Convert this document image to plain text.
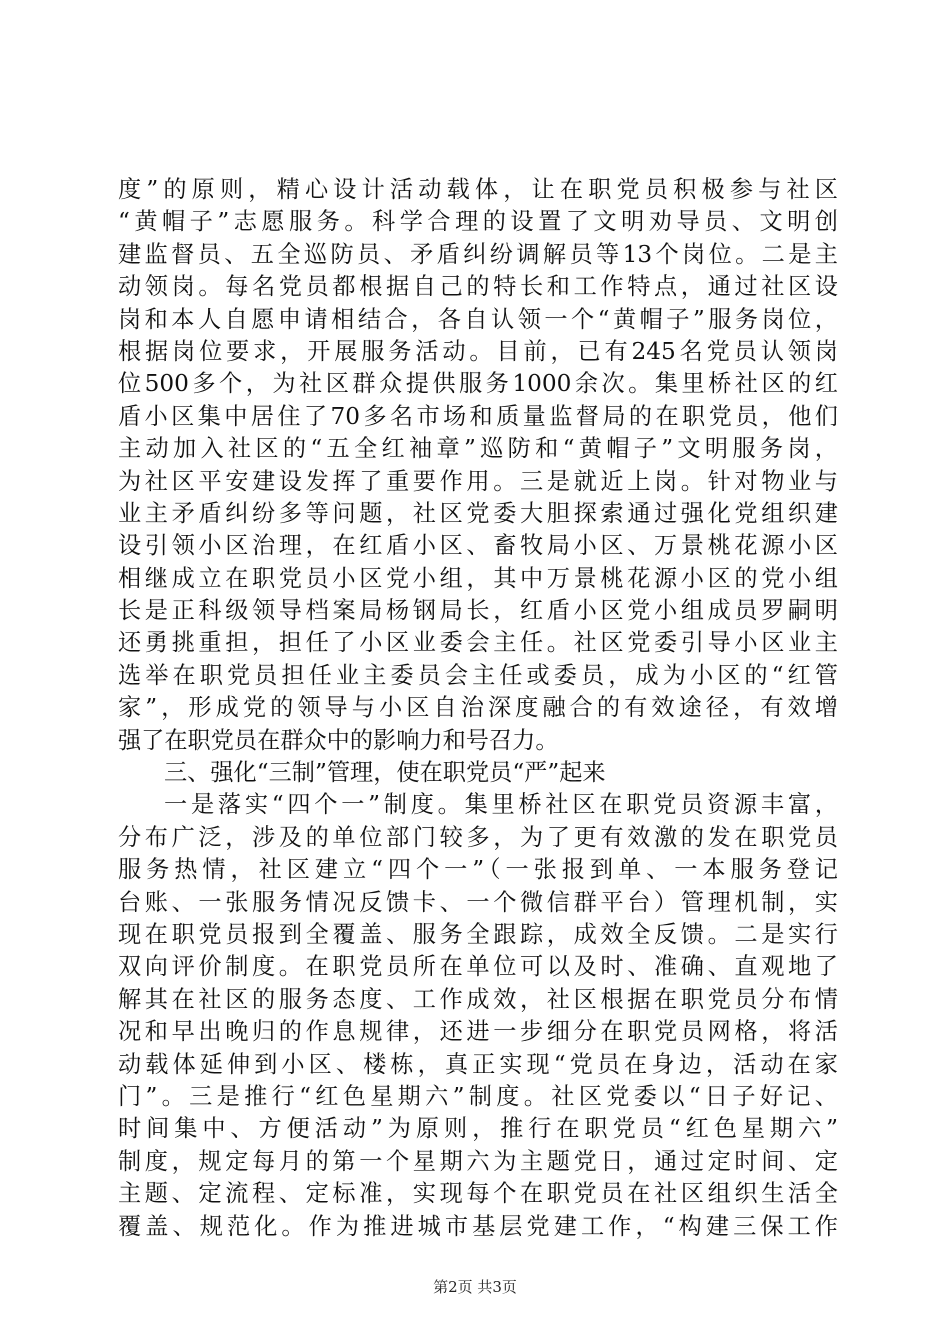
度”的原则，精心设计活动载体，让在职党员积极参与社区
“黄帽子”志愿服务。科学合理的设置了文明劝导员、文明创
建监督员、五全巡防员、矛盾纠纷调解员等13个岗位。二是主
动领岗。每名党员都根据自己的特长和工作特点，通过社区设
岗和本人自愿申请相结合，各自认领一个“黄帽子”服务岗位，
根据岗位要求，开展服务活动。目前，已有245名党员认领岗
位500多个，为社区群众提供服务1000余次。集里桥社区的红
盾小区集中居住了70多名市场和质量监督局的在职党员，他们
主动加入社区的“五全红袖章”巡防和“黄帽子”文明服务岗，
为社区平安建设发挥了重要作用。三是就近上岗。针对物业与
业主矛盾纠纷多等问题，社区党委大胆探索通过强化党组织建
设引领小区治理，在红盾小区、畜牧局小区、万景桃花源小区
相继成立在职党员小区党小组，其中万景桃花源小区的党小组
长是正科级领导档案局杨钢局长，红盾小区党小组成员罗嗣明
还勇挑重担，担任了小区业委会主任。社区党委引导小区业主
选举在职党员担任业主委员会主任或委员，成为小区的“红管
家”，形成党的领导与小区自治深度融合的有效途径，有效增
强了在职党员在群众中的影响力和号召力。
三、强化“三制”管理，使在职党员“严”起来
一是落实“四个一”制度。集里桥社区在职党员资源丰富，
分布广泛，涉及的单位部门较多，为了更有效激的发在职党员
服务热情，社区建立“四个一”（一张报到单、一本服务登记
台账、一张服务情况反馈卡、一个微信群平台）管理机制，实
现在职党员报到全覆盖、服务全跟踪，成效全反馈。二是实行
双向评价制度。在职党员所在单位可以及时、准确、直观地了
解其在社区的服务态度、工作成效，社区根据在职党员分布情
况和早出晚归的作息规律，还进一步细分在职党员网格，将活
动载体延伸到小区、楼栋，真正实现“党员在身边，活动在家
门”。三是推行“红色星期六”制度。社区党委以“日子好记、
时间集中、方便活动”为原则，推行在职党员“红色星期六”
制度，规定每月的第一个星期六为主题党日，通过定时间、定
主题、定流程、定标准，实现每个在职党员在社区组织生活全
覆盖、规范化。作为推进城市基层党建工作，“构建三保工作
第2页 共3页
